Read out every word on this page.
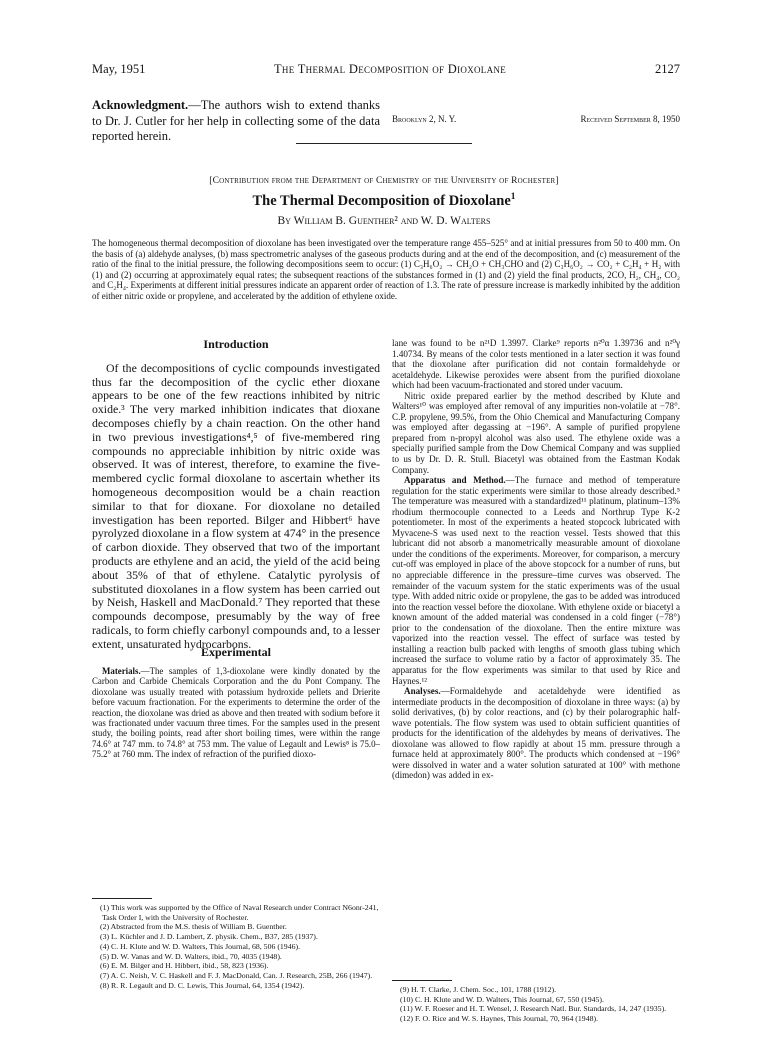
May, 1951	The Thermal Decomposition of Dioxolane	2127
Acknowledgment.—The authors wish to extend thanks to Dr. J. Cutler for her help in collecting some of the data reported herein.
Brooklyn 2, N. Y.	Received September 8, 1950
[Contribution from the Department of Chemistry of the University of Rochester]
The Thermal Decomposition of Dioxolane$^1$
By William B. Guenther² and W. D. Walters
The homogeneous thermal decomposition of dioxolane has been investigated over the temperature range 455–525° and at initial pressures from 50 to 400 mm. On the basis of (a) aldehyde analyses, (b) mass spectrometric analyses of the gaseous products during and at the end of the decomposition, and (c) measurement of the ratio of the final to the initial pressure, the following decompositions seem to occur: (1) C₃H₆O₂ → CH₂O + CH₃CHO and (2) C₃H₆O₂ → CO₂ + C₂H₄ + H₂ with (1) and (2) occurring at approximately equal rates; the subsequent reactions of the substances formed in (1) and (2) yield the final products, 2CO, H₂, CH₄, CO₂ and C₂H₄. Experiments at different initial pressures indicate an apparent order of reaction of 1.3. The rate of pressure increase is markedly inhibited by the addition of either nitric oxide or propylene, and accelerated by the addition of ethylene oxide.
Introduction

Of the decompositions of cyclic compounds investigated thus far the decomposition of the cyclic ether dioxane appears to be one of the few reactions inhibited by nitric oxide.³ The very marked inhibition indicates that dioxane decomposes chiefly by a chain reaction. On the other hand in two previous investigations⁴,⁵ of five-membered ring compounds no appreciable inhibition by nitric oxide was observed. It was of interest, therefore, to examine the five-membered cyclic formal dioxolane to ascertain whether its homogeneous decomposition would be a chain reaction similar to that for dioxane. For dioxolane no detailed investigation has been reported. Bilger and Hibbert⁶ have pyrolyzed dioxolane in a flow system at 474° in the presence of carbon dioxide. They observed that two of the important products are ethylene and an acid, the yield of the acid being about 35% of that of ethylene. Catalytic pyrolysis of substituted dioxolanes in a flow system has been carried out by Neish, Haskell and MacDonald.⁷ They reported that these compounds decompose, presumably by the way of free radicals, to form chiefly carbonyl compounds and, to a lesser extent, unsaturated hydrocarbons.

Experimental

Materials.—The samples of 1,3-dioxolane were kindly donated by the Carbon and Carbide Chemicals Corporation and the du Pont Company. The dioxolane was usually treated with potassium hydroxide pellets and Drierite before vacuum fractionation. For the experiments to determine the order of the reaction, the dioxolane was dried as above and then treated with sodium before it was fractionated under vacuum three times. For the samples used in the present study, the boiling points, read after short boiling times, were within the range 74.6° at 747 mm. to 74.8° at 753 mm. The value of Legault and Lewis⁸ is 75.0–75.2° at 760 mm. The index of refraction of the purified dioxo-

(1) This work was supported by the Office of Naval Research under Contract N6onr-241, Task Order I, with the University of Rochester.
(2) Abstracted from the M.S. thesis of William B. Guenther.
(3) L. Küchler and J. D. Lambert, Z. physik. Chem., B37, 285 (1937).
(4) C. H. Klute and W. D. Walters, This Journal, 68, 506 (1946).
(5) D. W. Vanas and W. D. Walters, ibid., 70, 4035 (1948).
(6) E. M. Bilger and H. Hibbert, ibid., 58, 823 (1936).
(7) A. C. Neish, V. C. Haskell and F. J. MacDonald, Can. J. Research, 25B, 266 (1947).
(8) R. R. Legault and D. C. Lewis, This Journal, 64, 1354 (1942).

lane was found to be n²¹D 1.3997. Clarke⁹ reports n²⁰α 1.39736 and n²⁰γ 1.40734. By means of the color tests mentioned in a later section it was found that the dioxolane after purification did not contain formaldehyde or acetaldehyde. Likewise peroxides were absent from the purified dioxolane which had been vacuum-fractionated and stored under vacuum.

Nitric oxide prepared earlier by the method described by Klute and Walters¹⁰ was employed after removal of any impurities non-volatile at −78°. C.P. propylene, 99.5%, from the Ohio Chemical and Manufacturing Company was employed after degassing at −196°. A sample of purified propylene prepared from n-propyl alcohol was also used. The ethylene oxide was a specially purified sample from the Dow Chemical Company and was supplied to us by Dr. D. R. Stull. Biacetyl was obtained from the Eastman Kodak Company.

Apparatus and Method.—The furnace and method of temperature regulation for the static experiments were similar to those already described.⁵ The temperature was measured with a standardized¹¹ platinum, platinum–13% rhodium thermocouple connected to a Leeds and Northrup Type K-2 potentiometer. In most of the experiments a heated stopcock lubricated with Myvacene-S was used next to the reaction vessel. Tests showed that this lubricant did not absorb a manometrically measurable amount of dioxolane under the conditions of the experiments. Moreover, for comparison, a mercury cut-off was employed in place of the above stopcock for a number of runs, but no appreciable difference in the pressure–time curves was observed. The remainder of the vacuum system for the static experiments was of the usual type. With added nitric oxide or propylene, the gas to be added was introduced into the reaction vessel before the dioxolane. With ethylene oxide or biacetyl a known amount of the added material was condensed in a cold finger (−78°) prior to the condensation of the dioxolane. Then the entire mixture was vaporized into the reaction vessel. The effect of surface was tested by installing a reaction bulb packed with lengths of smooth glass tubing which increased the surface to volume ratio by a factor of approximately 35. The apparatus for the flow experiments was similar to that used by Rice and Haynes.¹²

Analyses.—Formaldehyde and acetaldehyde were identified as intermediate products in the decomposition of dioxolane in three ways: (a) by solid derivatives, (b) by color reactions, and (c) by their polarographic half-wave potentials. The flow system was used to obtain sufficient quantities of products for the identification of the aldehydes by means of derivatives. The dioxolane was allowed to flow rapidly at about 15 mm. pressure through a furnace held at approximately 800°. The products which condensed at −196° were dissolved in water and a water solution saturated at 100° with methone (dimedon) was added in ex-

(9) H. T. Clarke, J. Chem. Soc., 101, 1788 (1912).
(10) C. H. Klute and W. D. Walters, This Journal, 67, 550 (1945).
(11) W. F. Roeser and H. T. Wensel, J. Research Natl. Bur. Standards, 14, 247 (1935).
(12) F. O. Rice and W. S. Haynes, This Journal, 70, 964 (1948).
